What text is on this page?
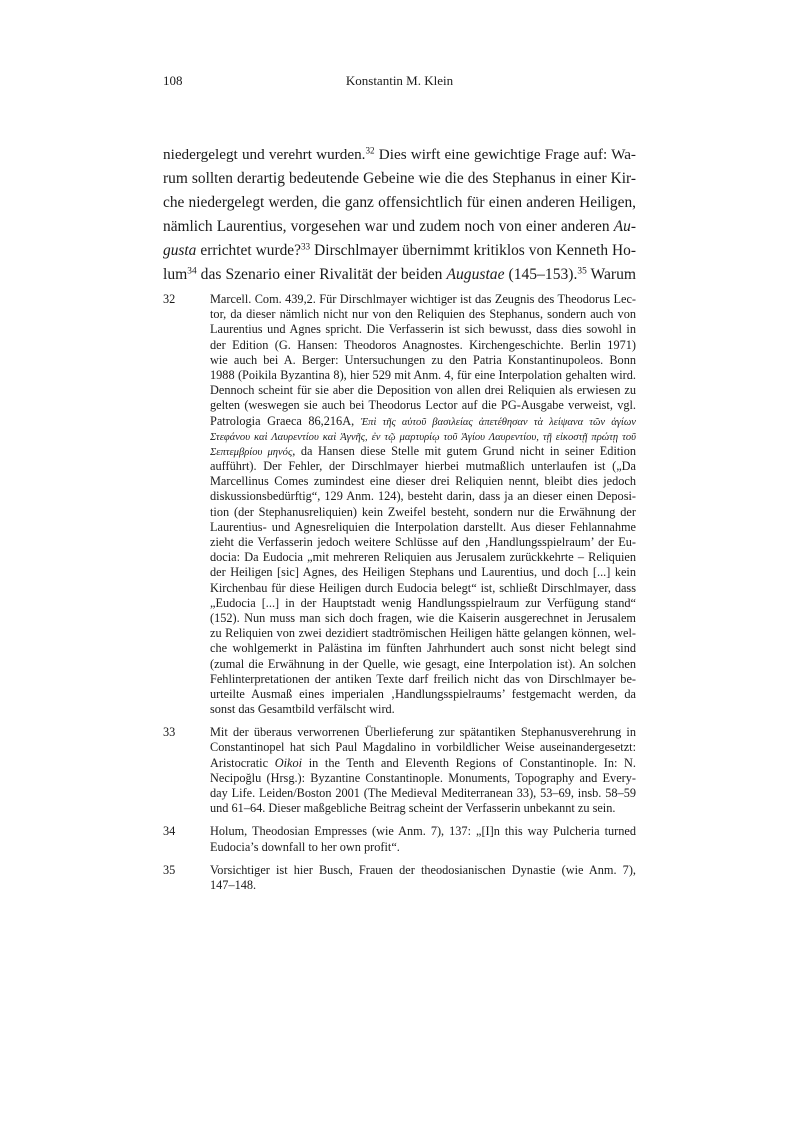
108	Konstantin M. Klein
niedergelegt und verehrt wurden.$^{32}$ Dies wirft eine gewichtige Frage auf: Wa-
rum sollten derartig bedeutende Gebeine wie die des Stephanus in einer Kir-
che niedergelegt werden, die ganz offensichtlich für einen anderen Heiligen,
nämlich Laurentius, vorgesehen war und zudem noch von einer anderen Au-
gusta errichtet wurde?$^{33}$ Dirschlmayer übernimmt kritiklos von Kenneth Ho-
lum$^{34}$ das Szenario einer Rivalität der beiden Augustae (145–153).$^{35}$ Warum
32	Marcell. Com. 439,2. Für Dirschlmayer wichtiger ist das Zeugnis des Theodorus Lec-
tor, da dieser nämlich nicht nur von den Reliquien des Stephanus, sondern auch von
Laurentius und Agnes spricht. Die Verfasserin ist sich bewusst, dass dies sowohl in
der Edition (G. Hansen: Theodoros Anagnostes. Kirchengeschichte. Berlin 1971)
wie auch bei A. Berger: Untersuchungen zu den Patria Konstantinupoleos. Bonn
1988 (Poikila Byzantina 8), hier 529 mit Anm. 4, für eine Interpolation gehalten wird.
Dennoch scheint für sie aber die Deposition von allen drei Reliquien als erwiesen zu
gelten (weswegen sie auch bei Theodorus Lector auf die PG-Ausgabe verweist, vgl.
Patrologia Graeca 86,216A, Ἐπὶ τῆς αὐτοῦ βασιλείας ἀπετέθησαν τὰ λείψανα τῶν ἁγίων
Στεφάνου καὶ Λαυρεντίου καὶ Ἁγνῆς, ἐν τῷ μαρτυρίῳ τοῦ Ἁγίου Λαυρεντίου, τῇ εἰκοστῇ πρώτῃ τοῦ
Σεπτεμβρίου μηνός, da Hansen diese Stelle mit gutem Grund nicht in seiner Edition
aufführt). Der Fehler, der Dirschlmayer hierbei mutmaßlich unterlaufen ist („Da
Marcellinus Comes zumindest eine dieser drei Reliquien nennt, bleibt dies jedoch
diskussionsbedürftig“, 129 Anm. 124), besteht darin, dass ja an dieser einen Deposi-
tion (der Stephanusreliquien) kein Zweifel besteht, sondern nur die Erwähnung der
Laurentius- und Agnesreliquien die Interpolation darstellt. Aus dieser Fehlannahme
zieht die Verfasserin jedoch weitere Schlüsse auf den ‚Handlungsspielraum’ der Eu-
docia: Da Eudocia „mit mehreren Reliquien aus Jerusalem zurückkehrte – Reliquien
der Heiligen [sic] Agnes, des Heiligen Stephans und Laurentius, und doch [...] kein
Kirchenbau für diese Heiligen durch Eudocia belegt“ ist, schließt Dirschlmayer, dass
„Eudocia [...] in der Hauptstadt wenig Handlungsspielraum zur Verfügung stand“
(152). Nun muss man sich doch fragen, wie die Kaiserin ausgerechnet in Jerusalem
zu Reliquien von zwei dezidiert stadtrömischen Heiligen hätte gelangen können, wel-
che wohlgemerkt in Palästina im fünften Jahrhundert auch sonst nicht belegt sind
(zumal die Erwähnung in der Quelle, wie gesagt, eine Interpolation ist). An solchen
Fehlinterpretationen der antiken Texte darf freilich nicht das von Dirschlmayer be-
urteilte Ausmaß eines imperialen ‚Handlungsspielraums’ festgemacht werden, da
sonst das Gesamtbild verfälscht wird.
33	Mit der überaus verworrenen Überlieferung zur spätantiken Stephanusverehrung in
Constantinopel hat sich Paul Magdalino in vorbildlicher Weise auseinandergesetzt:
Aristocratic Oikoi in the Tenth and Eleventh Regions of Constantinople. In: N.
Necipoğlu (Hrsg.): Byzantine Constantinople. Monuments, Topography and Every-
day Life. Leiden/Boston 2001 (The Medieval Mediterranean 33), 53–69, insb. 58–59
und 61–64. Dieser maßgebliche Beitrag scheint der Verfasserin unbekannt zu sein.
34	Holum, Theodosian Empresses (wie Anm. 7), 137: „[I]n this way Pulcheria turned
Eudocia’s downfall to her own profit“.
35	Vorsichtiger ist hier Busch, Frauen der theodosianischen Dynastie (wie Anm. 7),
147–148.
